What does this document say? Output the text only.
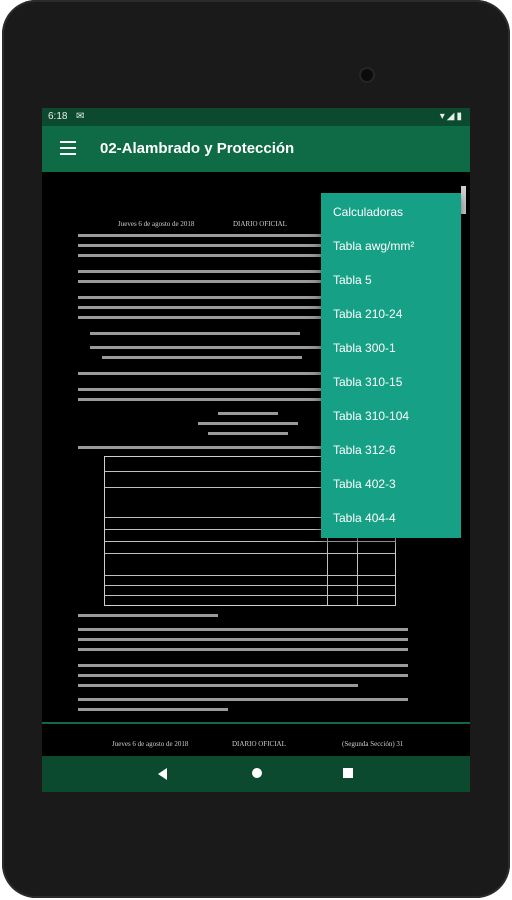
6:18 ✉	▾◢▮
02-Alambrado y Protección
Jueves 6 de agosto de 2018	DIARIO OFICIAL
Calculadoras
Tabla awg/mm²
Tabla 5
Tabla 210-24
Tabla 300-1
Tabla 310-15
Tabla 310-104
Tabla 312-6
Tabla 402-3
Tabla 404-4
Jueves 6 de agosto de 2018	DIARIO OFICIAL	(Segunda Sección) 31
